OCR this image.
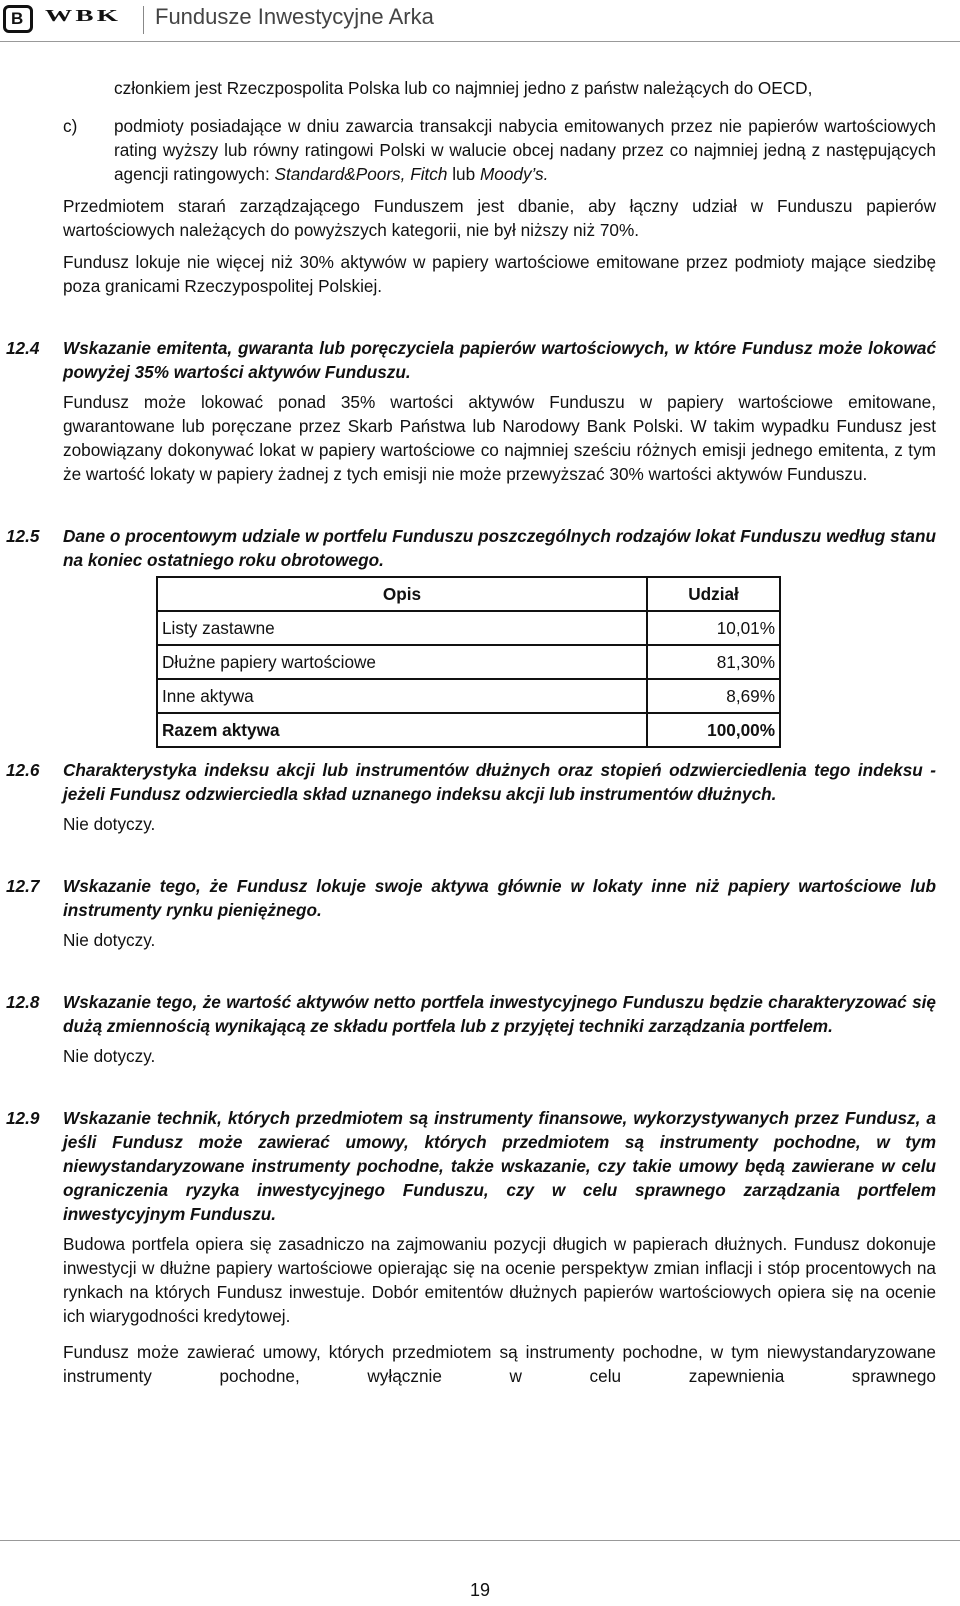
B WBK Fundusze Inwestycyjne Arka

członkiem jest Rzeczpospolita Polska lub co najmniej jedno z państw należących do OECD,

c) podmioty posiadające w dniu zawarcia transakcji nabycia emitowanych przez nie papierów wartościowych rating wyższy lub równy ratingowi Polski w walucie obcej nadany przez co najmniej jedną z następujących agencji ratingowych: Standard&Poors, Fitch lub Moody’s.

Przedmiotem starań zarządzającego Funduszem jest dbanie, aby łączny udział w Funduszu papierów wartościowych należących do powyższych kategorii, nie był niższy niż 70%.

Fundusz lokuje nie więcej niż 30% aktywów w papiery wartościowe emitowane przez podmioty mające siedzibę poza granicami Rzeczypospolitej Polskiej.

12.4 Wskazanie emitenta, gwaranta lub poręczyciela papierów wartościowych, w które Fundusz może lokować powyżej 35% wartości aktywów Funduszu.

Fundusz może lokować ponad 35% wartości aktywów Funduszu w papiery wartościowe emitowane, gwarantowane lub poręczane przez Skarb Państwa lub Narodowy Bank Polski. W takim wypadku Fundusz jest zobowiązany dokonywać lokat w papiery wartościowe co najmniej sześciu różnych emisji jednego emitenta, z tym że wartość lokaty w papiery żadnej z tych emisji nie może przewyższać 30% wartości aktywów Funduszu.

12.5 Dane o procentowym udziale w portfelu Funduszu poszczególnych rodzajów lokat Funduszu według stanu na koniec ostatniego roku obrotowego.

Opis	Udział
Listy zastawne	10,01%
Dłużne papiery wartościowe	81,30%
Inne aktywa	8,69%
Razem aktywa	100,00%
12.6 Charakterystyka indeksu akcji lub instrumentów dłużnych oraz stopień odzwierciedlenia tego indeksu - jeżeli Fundusz odzwierciedla skład uznanego indeksu akcji lub instrumentów dłużnych.

Nie dotyczy.

12.7 Wskazanie tego, że Fundusz lokuje swoje aktywa głównie w lokaty inne niż papiery wartościowe lub instrumenty rynku pieniężnego.

Nie dotyczy.

12.8 Wskazanie tego, że wartość aktywów netto portfela inwestycyjnego Funduszu będzie charakteryzować się dużą zmiennością wynikającą ze składu portfela lub z przyjętej techniki zarządzania portfelem.

Nie dotyczy.

12.9 Wskazanie technik, których przedmiotem są instrumenty finansowe, wykorzystywanych przez Fundusz, a jeśli Fundusz może zawierać umowy, których przedmiotem są instrumenty pochodne, w tym niewystandaryzowane instrumenty pochodne, także wskazanie, czy takie umowy będą zawierane w celu ograniczenia ryzyka inwestycyjnego Funduszu, czy w celu sprawnego zarządzania portfelem inwestycyjnym Funduszu.

Budowa portfela opiera się zasadniczo na zajmowaniu pozycji długich w papierach dłużnych. Fundusz dokonuje inwestycji w dłużne papiery wartościowe opierając się na ocenie perspektyw zmian inflacji i stóp procentowych na rynkach na których Fundusz inwestuje. Dobór emitentów dłużnych papierów wartościowych opiera się na ocenie ich wiarygodności kredytowej.

Fundusz może zawierać umowy, których przedmiotem są instrumenty pochodne, w tym niewystandaryzowane instrumenty pochodne, wyłącznie w celu zapewnienia sprawnego

19
